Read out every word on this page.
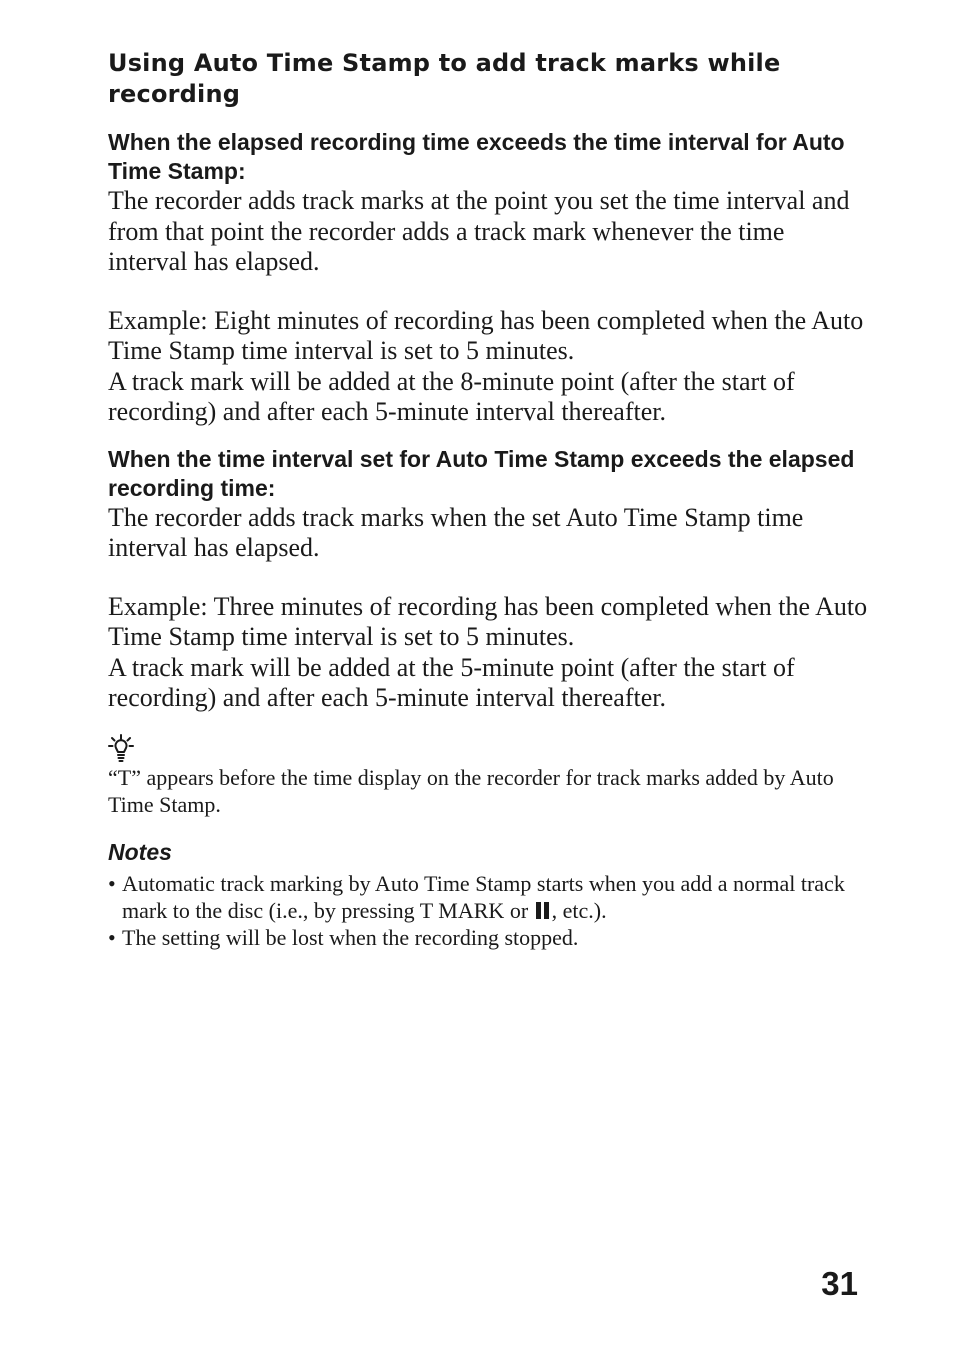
Using Auto Time Stamp to add track marks while recording
When the elapsed recording time exceeds the time interval for Auto Time Stamp:

The recorder adds track marks at the point you set the time interval and from that point the recorder adds a track mark whenever the time interval has elapsed.

Example: Eight minutes of recording has been completed when the Auto Time Stamp time interval is set to 5 minutes.

A track mark will be added at the 8-minute point (after the start of recording) and after each 5-minute interval thereafter.

When the time interval set for Auto Time Stamp exceeds the elapsed recording time:

The recorder adds track marks when the set Auto Time Stamp time interval has elapsed.

Example: Three minutes of recording has been completed when the Auto Time Stamp time interval is set to 5 minutes.

A track mark will be added at the 5-minute point (after the start of recording) and after each 5-minute interval thereafter.

“T” appears before the time display on the recorder for track marks added by Auto Time Stamp.

Notes
• Automatic track marking by Auto Time Stamp starts when you add a normal track mark to the disc (i.e., by pressing T MARK or , etc.).
• The setting will be lost when the recording stopped.
31
